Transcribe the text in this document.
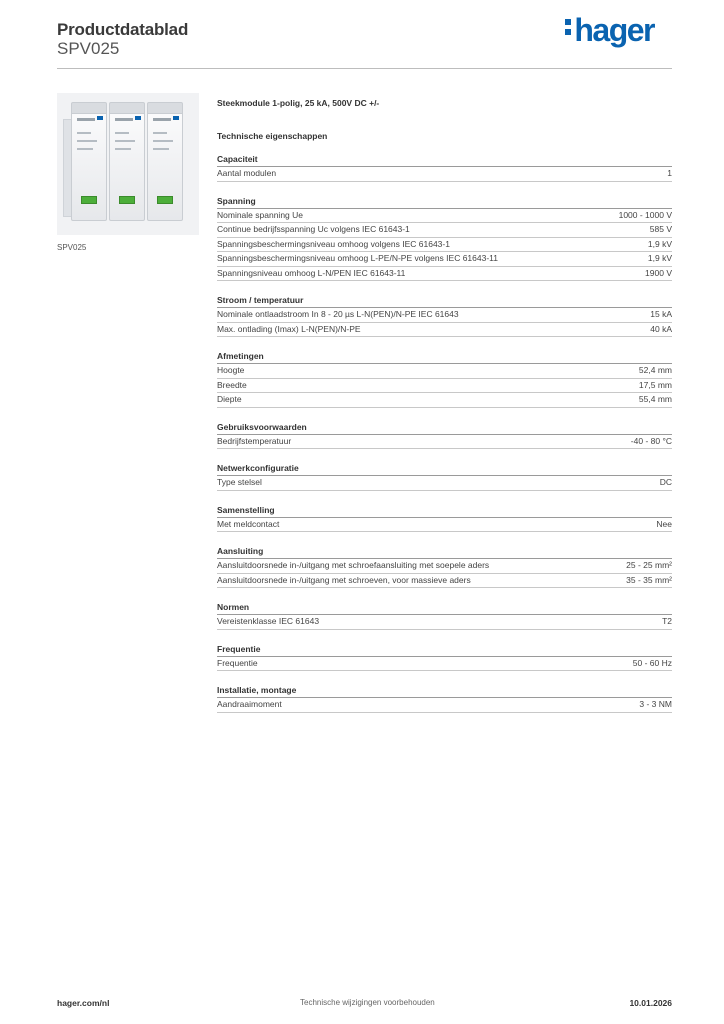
Productdatablad
SPV025
hager
SPV025
Steekmodule 1-polig, 25 kA, 500V DC +/-
Technische eigenschappen
Capaciteit
Aantal modulen	1
Spanning
Nominale spanning Ue	1000 - 1000 V
Continue bedrijfsspanning Uc volgens IEC 61643-1	585 V
Spanningsbeschermingsniveau omhoog volgens IEC 61643-1	1,9 kV
Spanningsbeschermingsniveau omhoog L-PE/N-PE volgens IEC 61643-11	1,9 kV
Spanningsniveau omhoog L-N/PEN IEC 61643-11	1900 V
Stroom / temperatuur
Nominale ontlaadstroom In 8 - 20 µs L-N(PEN)/N-PE IEC 61643	15 kA
Max. ontlading (Imax) L-N(PEN)/N-PE	40 kA
Afmetingen
Hoogte	52,4 mm
Breedte	17,5 mm
Diepte	55,4 mm
Gebruiksvoorwaarden
Bedrijfstemperatuur	-40 - 80 °C
Netwerkconfiguratie
Type stelsel	DC
Samenstelling
Met meldcontact	Nee
Aansluiting
Aansluitdoorsnede in-/uitgang met schroefaansluiting met soepele aders	25 - 25 mm²
Aansluitdoorsnede in-/uitgang met schroeven, voor massieve aders	35 - 35 mm²
Normen
Vereistenklasse IEC 61643	T2
Frequentie
Frequentie	50 - 60 Hz
Installatie, montage
Aandraaimoment	3 - 3 NM
hager.com/nl	Technische wijzigingen voorbehouden	10.01.2026
